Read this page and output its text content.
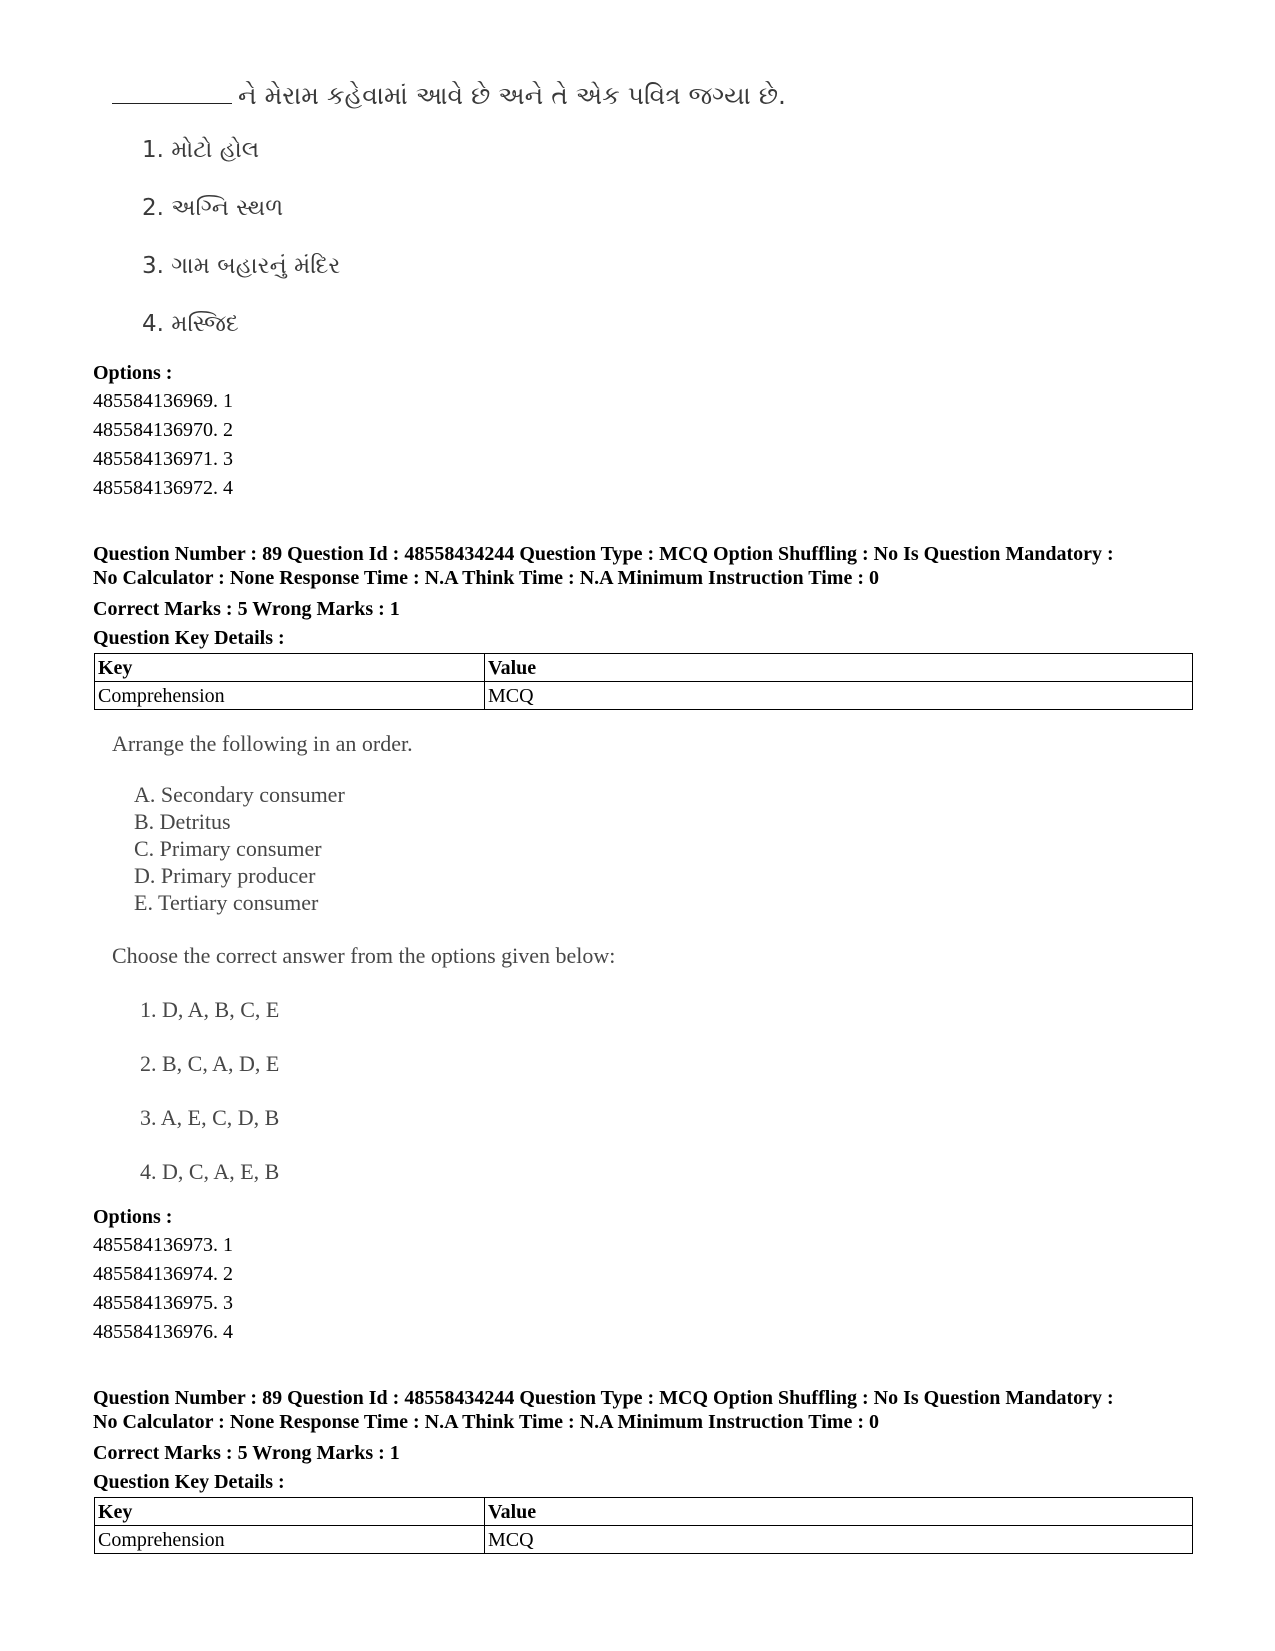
ને મેરામ કહેવામાં આવે છે અને તે એક પવિત્ર જગ્યા છે.
1. મોટો હોલ
2. અગ્નિ સ્થળ
3. ગામ બહારનું મંદિર
4. મસ્જિદ
Options :
485584136969. 1
485584136970. 2
485584136971. 3
485584136972. 4
Question Number : 89 Question Id : 48558434244 Question Type : MCQ Option Shuffling : No Is Question Mandatory :
No Calculator : None Response Time : N.A Think Time : N.A Minimum Instruction Time : 0
Correct Marks : 5 Wrong Marks : 1
Question Key Details :
Key	Value
Comprehension	MCQ
Arrange the following in an order.
A. Secondary consumer
B. Detritus
C. Primary consumer
D. Primary producer
E. Tertiary consumer
Choose the correct answer from the options given below:
1. D, A, B, C, E
2. B, C, A, D, E
3. A, E, C, D, B
4. D, C, A, E, B
Options :
485584136973. 1
485584136974. 2
485584136975. 3
485584136976. 4
Question Number : 89 Question Id : 48558434244 Question Type : MCQ Option Shuffling : No Is Question Mandatory :
No Calculator : None Response Time : N.A Think Time : N.A Minimum Instruction Time : 0
Correct Marks : 5 Wrong Marks : 1
Question Key Details :
Key	Value
Comprehension	MCQ
